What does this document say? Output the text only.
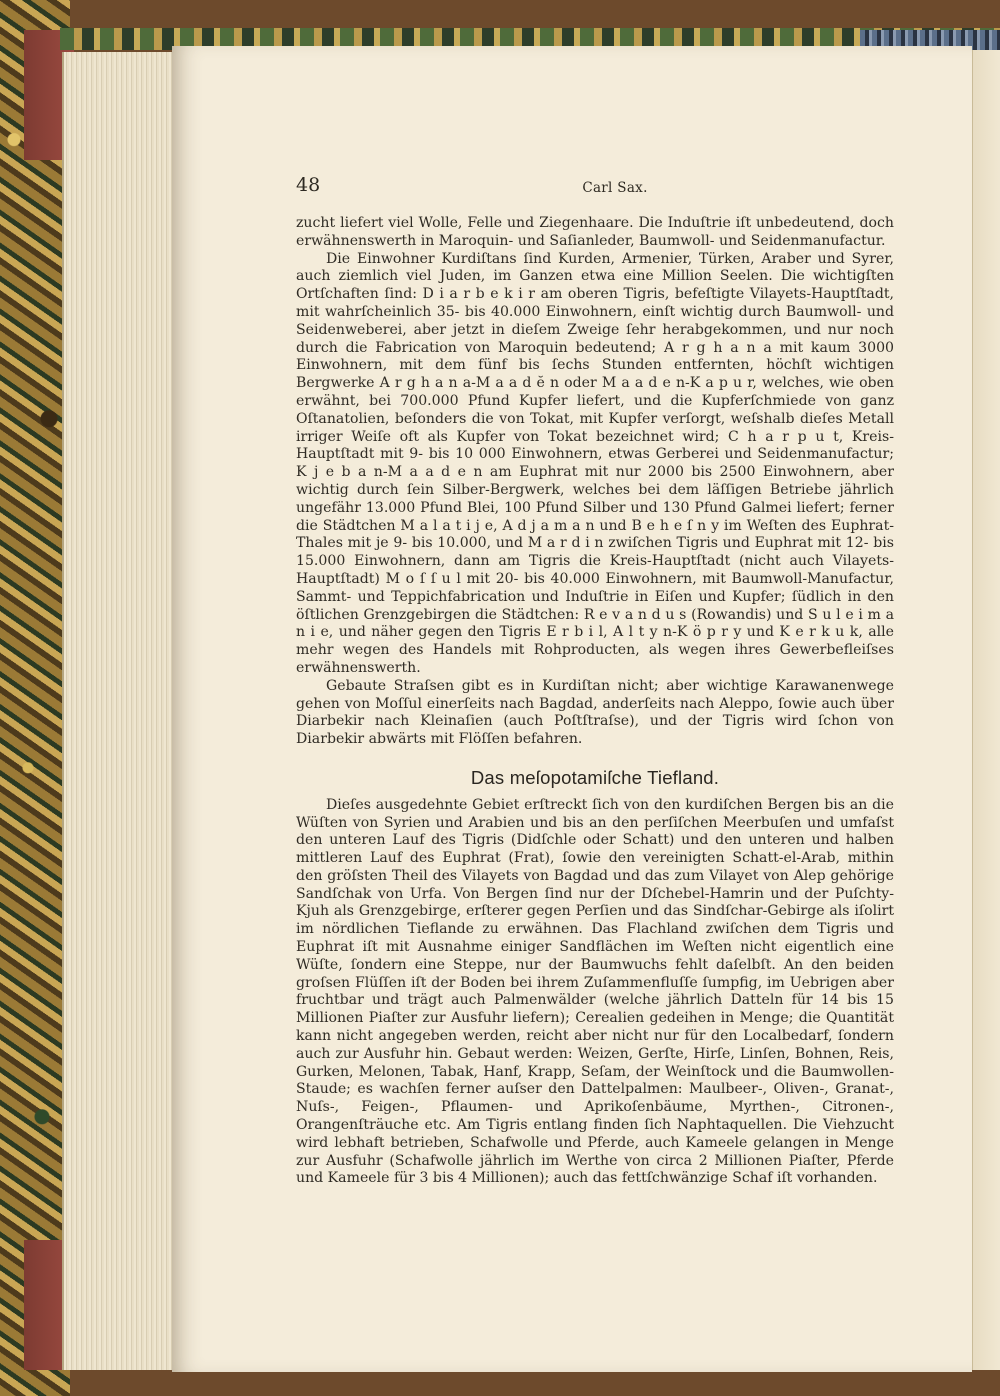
48	Carl Sax.

zucht liefert viel Wolle, Felle und Ziegenhaare. Die Induſtrie iſt unbedeutend, doch erwähnenswerth in Maroquin- und Saſianleder, Baumwoll- und Seidenmanufactur.

Die Einwohner Kurdiſtans ſind Kurden, Armenier, Türken, Araber und Syrer, auch ziemlich viel Juden, im Ganzen etwa eine Million Seelen. Die wichtigſten Ortſchaften ſind: D i a r b e k i r am oberen Tigris, befeſtigte Vilayets-Hauptſtadt, mit wahrſcheinlich 35- bis 40.000 Einwohnern, einſt wichtig durch Baumwoll- und Seidenweberei, aber jetzt in dieſem Zweige ſehr herabgekommen, und nur noch durch die Fabrication von Maroquin bedeutend; A r g h a n a mit kaum 3000 Einwohnern, mit dem fünf bis ſechs Stunden entfernten, höchſt wichtigen Bergwerke A r g h a n a-M a a d ĕ n oder M a a d e n-K a p u r, welches, wie oben erwähnt, bei 700.000 Pfund Kupfer liefert, und die Kupferſchmiede von ganz Oſtanatolien, beſonders die von Tokat, mit Kupfer verſorgt, weſshalb dieſes Metall irriger Weiſe oft als Kupfer von Tokat bezeichnet wird; C h a r p u t, Kreis-Hauptſtadt mit 9- bis 10 000 Einwohnern, etwas Gerberei und Seidenmanufactur; K j e b a n-M a a d e n am Euphrat mit nur 2000 bis 2500 Einwohnern, aber wichtig durch ſein Silber-Bergwerk, welches bei dem läſſigen Betriebe jährlich ungefähr 13.000 Pfund Blei, 100 Pfund Silber und 130 Pfund Galmei liefert; ferner die Städtchen M a l a t i j e, A d j a m a n und B e h e ſ n y im Weſten des Euphrat-Thales mit je 9- bis 10.000, und M a r d i n zwiſchen Tigris und Euphrat mit 12- bis 15.000 Einwohnern, dann am Tigris die Kreis-Hauptſtadt (nicht auch Vilayets-Hauptſtadt) M o ſ ſ u l mit 20- bis 40.000 Einwohnern, mit Baumwoll-Manufactur, Sammt- und Teppichfabrication und Induſtrie in Eiſen und Kupfer; ſüdlich in den öſtlichen Grenzgebirgen die Städtchen: R e v a n d u s (Rowandis) und S u l e i m a n i e, und näher gegen den Tigris E r b i l, A l t y n-K ö p r y und K e r k u k, alle mehr wegen des Handels mit Rohproducten, als wegen ihres Gewerbefleiſses erwähnenswerth.

Gebaute Straſsen gibt es in Kurdiſtan nicht; aber wichtige Karawanenwege gehen von Moſſul einerſeits nach Bagdad, anderſeits nach Aleppo, ſowie auch über Diarbekir nach Kleinaſien (auch Poſtſtraſse), und der Tigris wird ſchon von Diarbekir abwärts mit Flöſſen befahren.

Das meſopotamiſche Tiefland.

Dieſes ausgedehnte Gebiet erſtreckt ſich von den kurdiſchen Bergen bis an die Wüſten von Syrien und Arabien und bis an den perſiſchen Meerbuſen und umfaſst den unteren Lauf des Tigris (Didſchle oder Schatt) und den unteren und halben mittleren Lauf des Euphrat (Frat), ſowie den vereinigten Schatt-el-Arab, mithin den gröſsten Theil des Vilayets von Bagdad und das zum Vilayet von Alep gehörige Sandſchak von Urfa. Von Bergen ſind nur der Dſchebel-Hamrin und der Puſchty-Kjuh als Grenzgebirge, erſterer gegen Perſien und das Sindſchar-Gebirge als iſolirt im nördlichen Tieflande zu erwähnen. Das Flachland zwiſchen dem Tigris und Euphrat iſt mit Ausnahme einiger Sandflächen im Weſten nicht eigentlich eine Wüſte, ſondern eine Steppe, nur der Baumwuchs fehlt daſelbſt. An den beiden groſsen Flüſſen iſt der Boden bei ihrem Zuſammenfluſſe ſumpfig, im Uebrigen aber fruchtbar und trägt auch Palmenwälder (welche jährlich Datteln für 14 bis 15 Millionen Piaſter zur Ausfuhr liefern); Cerealien gedeihen in Menge; die Quantität kann nicht angegeben werden, reicht aber nicht nur für den Localbedarf, ſondern auch zur Ausfuhr hin. Gebaut werden: Weizen, Gerſte, Hirſe, Linſen, Bohnen, Reis, Gurken, Melonen, Tabak, Hanf, Krapp, Seſam, der Weinſtock und die Baumwollen-Staude; es wachſen ferner auſser den Dattelpalmen: Maulbeer-, Oliven-, Granat-, Nuſs-, Feigen-, Pflaumen- und Aprikoſenbäume, Myrthen-, Citronen-, Orangenſträuche etc. Am Tigris entlang finden ſich Naphtaquellen. Die Viehzucht wird lebhaft betrieben, Schafwolle und Pferde, auch Kameele gelangen in Menge zur Ausfuhr (Schafwolle jährlich im Werthe von circa 2 Millionen Piaſter, Pferde und Kameele für 3 bis 4 Millionen); auch das fettſchwänzige Schaf iſt vorhanden.
